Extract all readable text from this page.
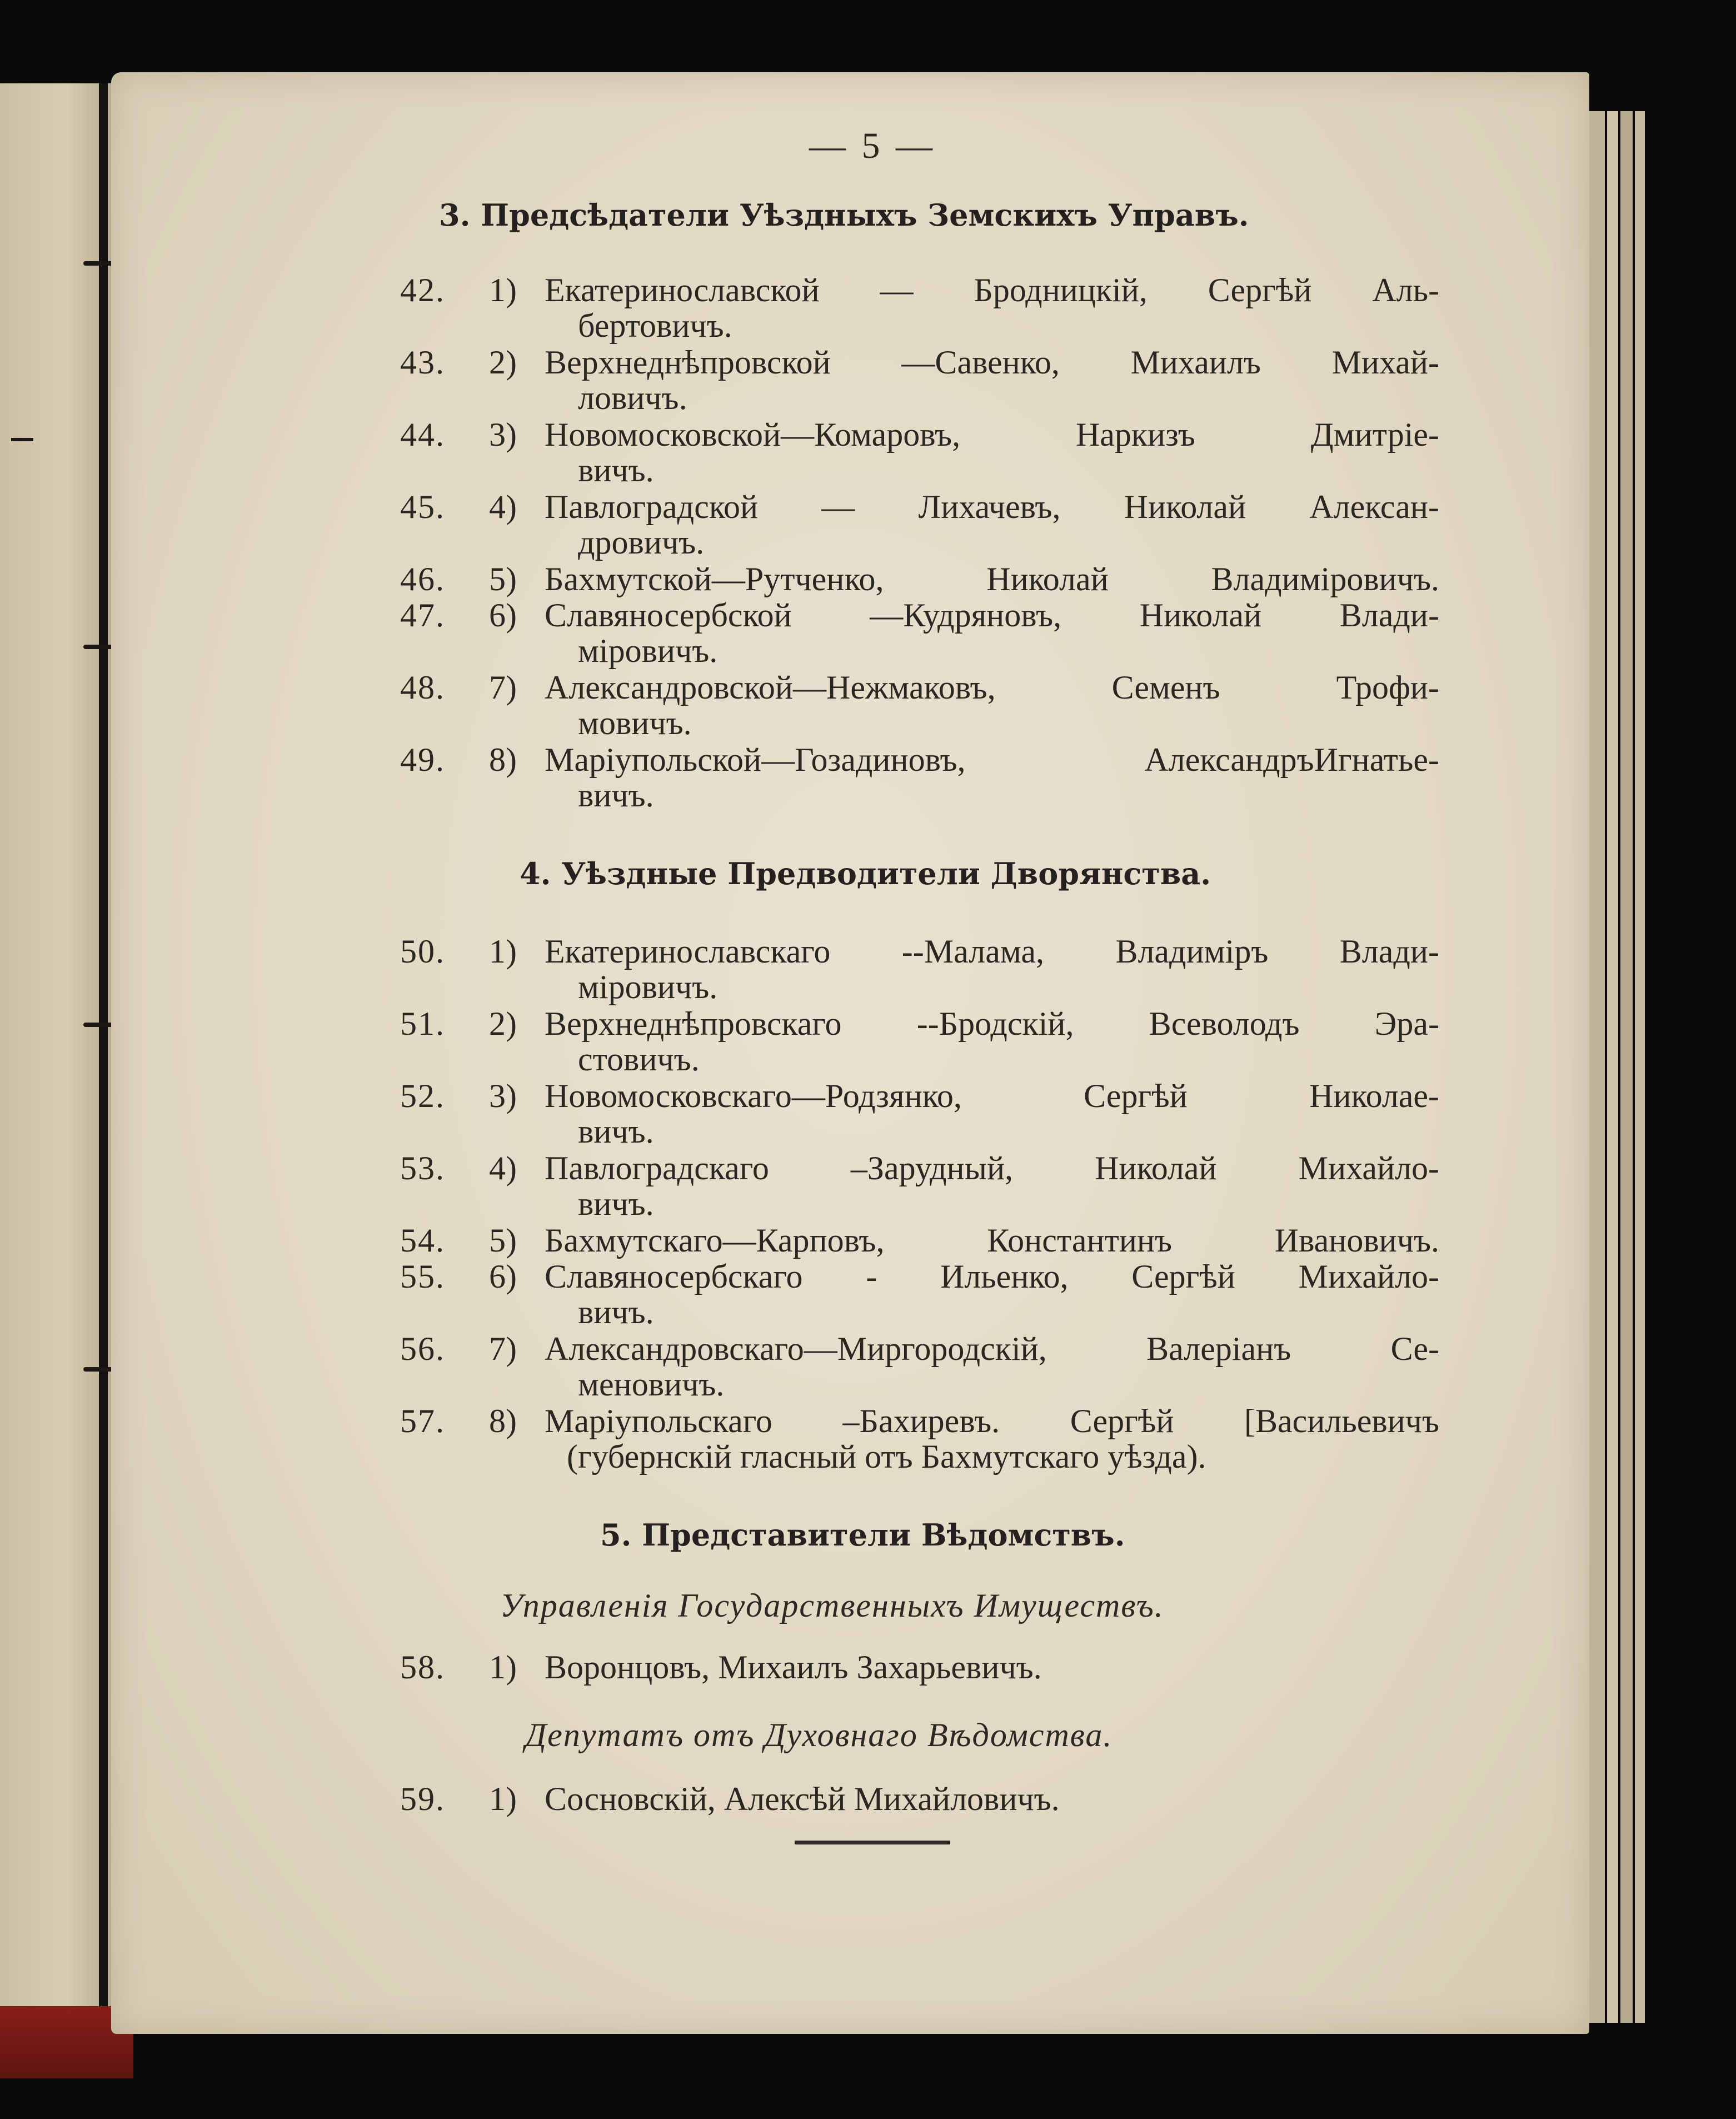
— 5 —
3. Предсѣдатели Уѣздныхъ Земскихъ Управъ.
42. 1) Екатеринославской — Бродницкій, Сергѣй Аль-
бертовичъ.
43. 2) Верхнеднѣпровской —Савенко, Михаилъ Михай-
ловичъ.
44. 3) Новомосковской—Комаровъ, Наркизъ Дмитріе-
вичъ.
45. 4) Павлоградской — Лихачевъ, Николай Алексан-
дровичъ.
46. 5) Бахмутской—Рутченко, Николай Владиміровичъ.
47. 6) Славяносербской —Кудряновъ, Николай Влади-
міровичъ.
48. 7) Александровской—Нежмаковъ, Семенъ Трофи-
мовичъ.
49. 8) Маріупольской—Гозадиновъ, АлександръИгнатье-
вичъ.
4. Уѣздные Предводители Дворянства.
50. 1) Екатеринославскаго --Малама, Владиміръ Влади-
міровичъ.
51. 2) Верхнеднѣпровскаго --Бродскій, Всеволодъ Эра-
стовичъ.
52. 3) Новомосковскаго—Родзянко, Сергѣй Николае-
вичъ.
53. 4) Павлоградскаго –Зарудный, Николай Михайло-
вичъ.
54. 5) Бахмутскаго—Карповъ, Константинъ Ивановичъ.
55. 6) Славяносербскаго - Ильенко, Сергѣй Михайло-
вичъ.
56. 7) Александровскаго—Миргородскій, Валеріанъ Се-
меновичъ.
57. 8) Маріупольскаго –Бахиревъ. Сергѣй [Васильевичъ
(губернскій гласный отъ Бахмутскаго уѣзда).
5. Представители Вѣдомствъ.
Управленія Государственныхъ Имуществъ.
58. 1) Воронцовъ, Михаилъ Захарьевичъ.
Депутатъ отъ Духовнаго Вѣдомства.
59. 1) Сосновскій, Алексѣй Михайловичъ.
